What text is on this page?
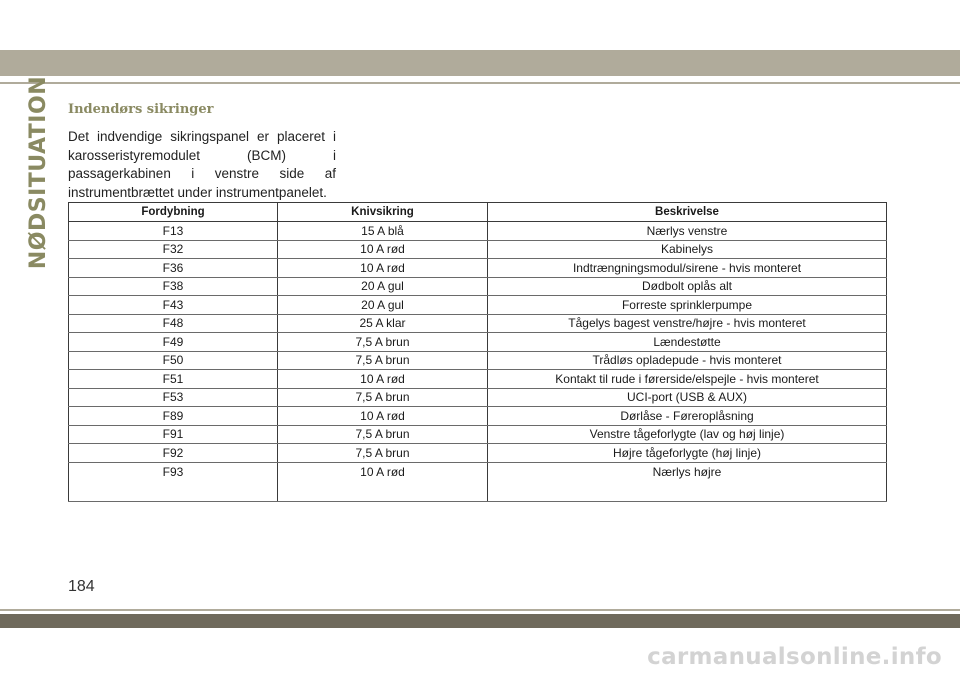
NØDSITUATION Indendørs sikringer

Det indvendige sikringspanel er placeret i karosseristyremodulet (BCM) i passagerkabinen i venstre side af instrumentbrættet under instrumentpanelet.

Fordybning	Knivsikring	Beskrivelse
F13	15 A blå	Nærlys venstre
F32	10 A rød	Kabinelys
F36	10 A rød	Indtrængningsmodul/sirene - hvis monteret
F38	20 A gul	Dødbolt oplås alt
F43	20 A gul	Forreste sprinklerpumpe
F48	25 A klar	Tågelys bagest venstre/højre - hvis monteret
F49	7,5 A brun	Lændestøtte
F50	7,5 A brun	Trådløs opladepude - hvis monteret
F51	10 A rød	Kontakt til rude i førerside/elspejle - hvis monteret
F53	7,5 A brun	UCI-port (USB & AUX)
F89	10 A rød	Dørlåse - Føreroplåsning
F91	7,5 A brun	Venstre tågeforlygte (lav og høj linje)
F92	7,5 A brun	Højre tågeforlygte (høj linje)
F93	10 A rød	Nærlys højre
184
carmanualsonline.info
